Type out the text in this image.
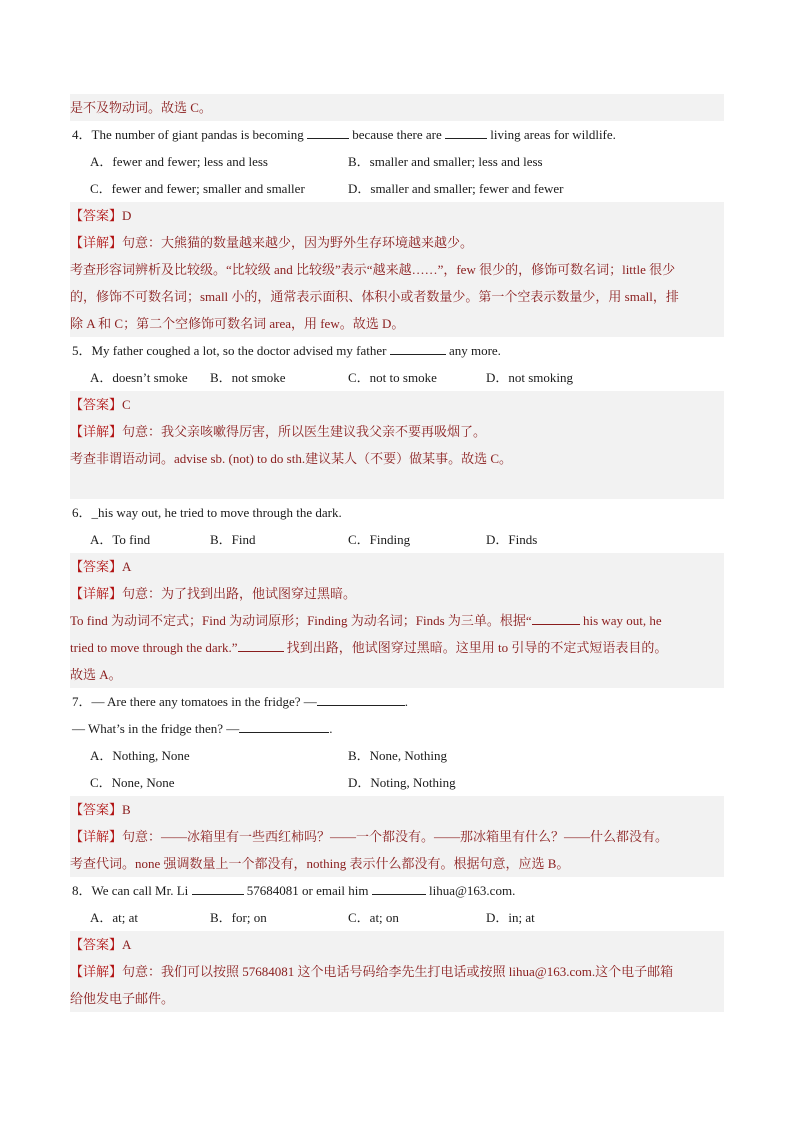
是不及物动词。故选 C。
4．The number of giant pandas is becoming	because there are	living areas for wildlife.
A．fewer and fewer; less and less	B．smaller and smaller; less and less
C．fewer and fewer; smaller and smaller	D．smaller and smaller; fewer and fewer
【答案】D
【详解】句意：大熊猫的数量越来越少，因为野外生存环境越来越少。
考查形容词辨析及比较级。“比较级 and 比较级”表示“越来越……”，few 很少的，修饰可数名词；little 很少
的，修饰不可数名词；small 小的，通常表示面积、体积小或者数量少。第一个空表示数量少，用 small，排
除 A 和 C；第二个空修饰可数名词 area，用 few。故选 D。
5．My father coughed a lot, so the doctor advised my father	any more.
A．doesn’t smoke B．not smoke	C．not to smoke	D．not smoking
【答案】C
【详解】句意：我父亲咳嗽得厉害，所以医生建议我父亲不要再吸烟了。
考查非谓语动词。advise sb. (not) to do sth.建议某人（不要）做某事。故选 C。
6．_his way out, he tried to move through the dark.
A．To find	B．Find	C．Finding	D．Finds
【答案】A
【详解】句意：为了找到出路，他试图穿过黑暗。
To find 为动词不定式；Find 为动词原形；Finding 为动名词；Finds 为三单。根据“	his way out, he
tried to move through the dark.”	找到出路，他试图穿过黑暗。这里用 to 引导的不定式短语表目的。
故选 A。
7．— Are there any tomatoes in the fridge? —	.
— What’s in the fridge then? —	.
A．Nothing, None	B．None, Nothing
C．None, None	D．Noting, Nothing
【答案】B
【详解】句意：——冰箱里有一些西红柿吗？——一个都没有。——那冰箱里有什么？——什么都没有。
考查代词。none 强调数量上一个都没有，nothing 表示什么都没有。根据句意，应选 B。
8．We can call Mr. Li	57684081 or email him	lihua@163.com.
A．at; at	B．for; on	C．at; on	D．in; at
【答案】A
【详解】句意：我们可以按照 57684081 这个电话号码给李先生打电话或按照 lihua@163.com.这个电子邮箱
给他发电子邮件。
